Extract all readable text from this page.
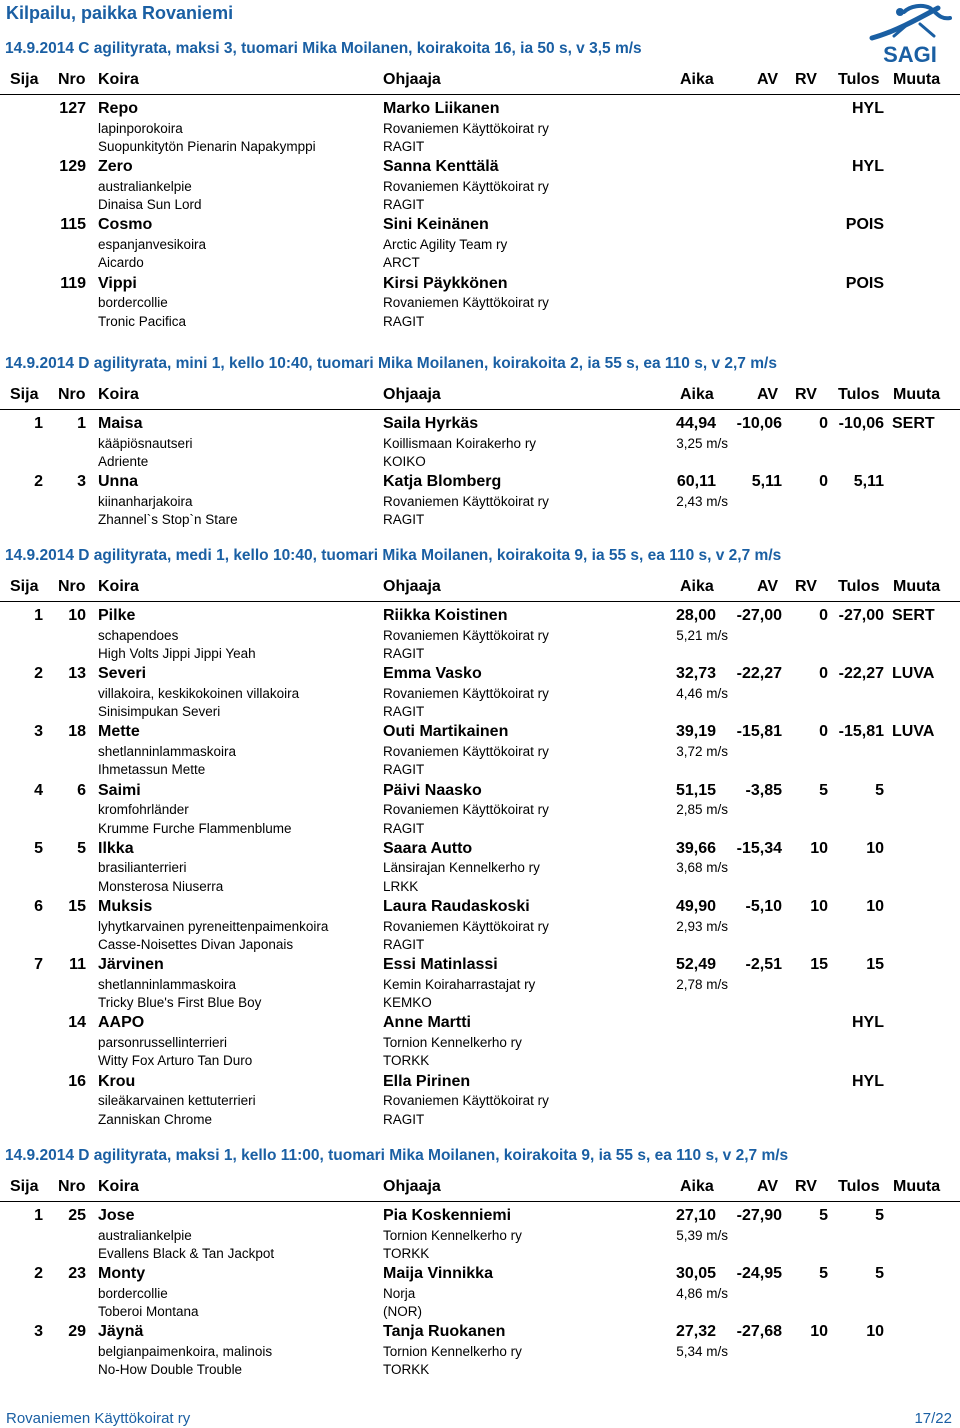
Kilpailu, paikka Rovaniemi
SAGI
14.9.2014 C agilityrata, maksi 3, tuomari Mika Moilanen, koirakoita 16, ia 50 s, v 3,5 m/s
Sija Nro Koira	Ohjaaja	Aika	AV RV Tulos Muuta
127 Repo	Marko Liikanen	HYL
lapinporokoira	Rovaniemen Käyttökoirat ry
Suopunkitytön Pienarin Napakymppi	RAGIT
129 Zero	Sanna Kenttälä	HYL
australiankelpie	Rovaniemen Käyttökoirat ry
Dinaisa Sun Lord	RAGIT
115 Cosmo	Sini Keinänen	POIS
espanjanvesikoira	Arctic Agility Team ry
Aicardo	ARCT
119 Vippi	Kirsi Päykkönen	POIS
bordercollie	Rovaniemen Käyttökoirat ry
Tronic Pacifica	RAGIT
14.9.2014 D agilityrata, mini 1, kello 10:40, tuomari Mika Moilanen, koirakoita 2, ia 55 s, ea 110 s, v 2,7 m/s
Sija Nro Koira	Ohjaaja	Aika	AV RV Tulos Muuta
1	1 Maisa	Saila Hyrkäs	44,94	-10,06	0 -10,06 SERT
kääpiösnautseri	Koillismaan Koirakerho ry	3,25 m/s
Adriente	KOIKO
2	3 Unna	Katja Blomberg	60,11	5,11	0	5,11
kiinanharjakoira	Rovaniemen Käyttökoirat ry	2,43 m/s
Zhannel`s Stop`n Stare	RAGIT
14.9.2014 D agilityrata, medi 1, kello 10:40, tuomari Mika Moilanen, koirakoita 9, ia 55 s, ea 110 s, v 2,7 m/s
Sija Nro Koira	Ohjaaja	Aika	AV RV Tulos Muuta
1	10 Pilke	Riikka Koistinen	28,00	-27,00	0 -27,00 SERT
schapendoes	Rovaniemen Käyttökoirat ry	5,21 m/s
High Volts Jippi Jippi Yeah	RAGIT
2	13 Severi	Emma Vasko	32,73	-22,27	0 -22,27 LUVA
villakoira, keskikokoinen villakoira	Rovaniemen Käyttökoirat ry	4,46 m/s
Sinisimpukan Severi	RAGIT
3	18 Mette	Outi Martikainen	39,19	-15,81	0 -15,81 LUVA
shetlanninlammaskoira	Rovaniemen Käyttökoirat ry	3,72 m/s
Ihmetassun Mette	RAGIT
4	6 Saimi	Päivi Naasko	51,15	-3,85	5	5
kromfohrländer	Rovaniemen Käyttökoirat ry	2,85 m/s
Krumme Furche Flammenblume	RAGIT
5	5 Ilkka	Saara Autto	39,66	-15,34	10	10
brasilianterrieri	Länsirajan Kennelkerho ry	3,68 m/s
Monsterosa Niuserra	LRKK
6	15 Muksis	Laura Raudaskoski	49,90	-5,10	10	10
lyhytkarvainen pyreneittenpaimenkoira	Rovaniemen Käyttökoirat ry	2,93 m/s
Casse-Noisettes Divan Japonais	RAGIT
7	11 Järvinen	Essi Matinlassi	52,49	-2,51	15	15
shetlanninlammaskoira	Kemin Koiraharrastajat ry	2,78 m/s
Tricky Blue's First Blue Boy	KEMKO
14 AAPO	Anne Martti	HYL
parsonrussellinterrieri	Tornion Kennelkerho ry
Witty Fox Arturo Tan Duro	TORKK
16 Krou	Ella Pirinen	HYL
sileäkarvainen kettuterrieri	Rovaniemen Käyttökoirat ry
Zanniskan Chrome	RAGIT
14.9.2014 D agilityrata, maksi 1, kello 11:00, tuomari Mika Moilanen, koirakoita 9, ia 55 s, ea 110 s, v 2,7 m/s
Sija Nro Koira	Ohjaaja	Aika	AV RV Tulos Muuta
1	25 Jose	Pia Koskenniemi	27,10	-27,90	5	5
australiankelpie	Tornion Kennelkerho ry	5,39 m/s
Evallens Black & Tan Jackpot	TORKK
2	23 Monty	Maija Vinnikka	30,05	-24,95	5	5
bordercollie	Norja	4,86 m/s
Toberoi Montana	(NOR)
3	29 Jäynä	Tanja Ruokanen	27,32	-27,68	10	10
belgianpaimenkoira, malinois	Tornion Kennelkerho ry	5,34 m/s
No-How Double Trouble	TORKK
Rovaniemen Käyttökoirat ry	17/22
